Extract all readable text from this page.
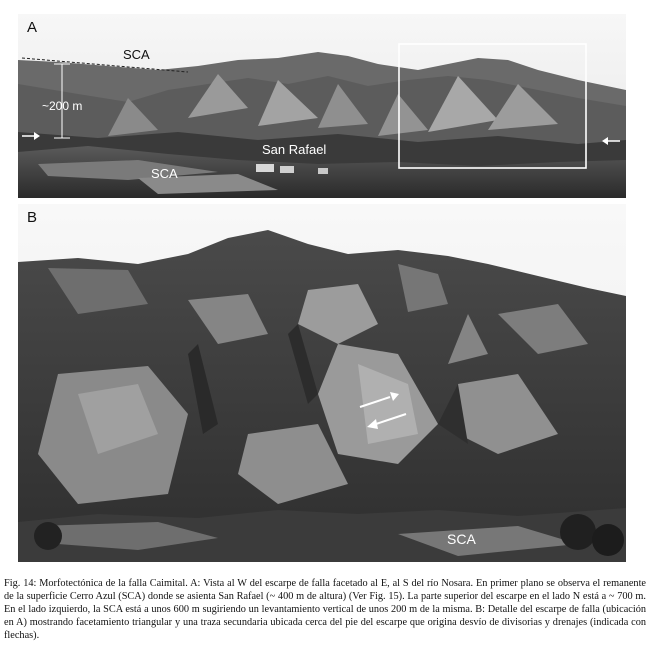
A
SCA
~200 m
San Rafael
SCA
B
SCA
Fig. 14: Morfotectónica de la falla Caimital. A: Vista al W del escarpe de falla facetado al E, al S del río Nosara. En primer plano se observa el remanente de la superficie Cerro Azul (SCA) donde se asienta San Rafael (~ 400 m de altura) (Ver Fig. 15). La parte superior del escarpe en el lado N está a ~ 700 m. En el lado izquierdo, la SCA está a unos 600 m sugiriendo un levantamiento vertical de unos 200 m de la misma. B: Detalle del escarpe de falla (ubicación en A) mostrando facetamiento triangular y una traza secundaria ubicada cerca del pie del escarpe que origina desvío de divisorias y drenajes (indicada con flechas).
